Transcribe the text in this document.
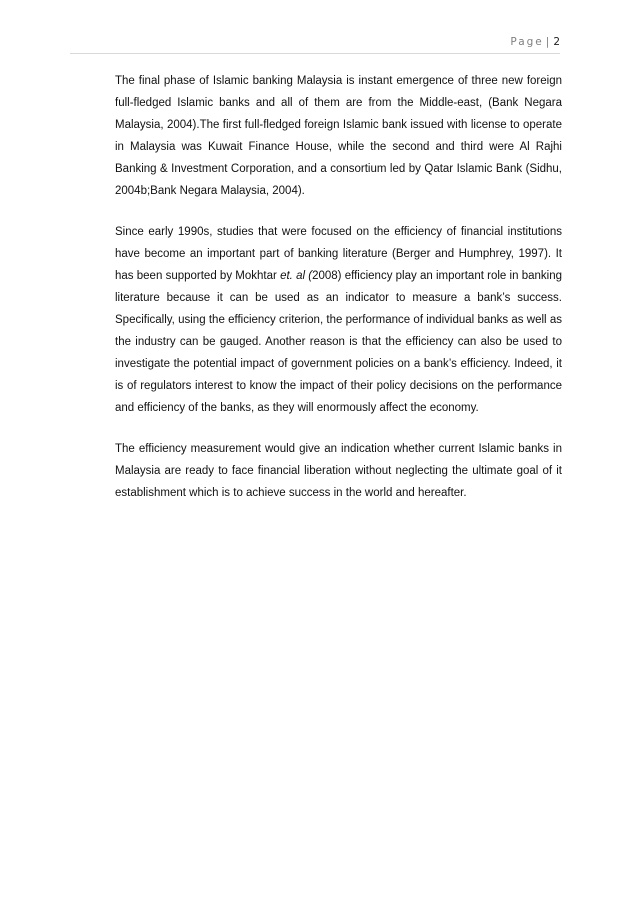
Page | 2

The final phase of Islamic banking Malaysia is instant emergence of three new foreign full-fledged Islamic banks and all of them are from the Middle-east, (Bank Negara Malaysia, 2004).The first full-fledged foreign Islamic bank issued with license to operate in Malaysia was Kuwait Finance House, while the second and third were Al Rajhi Banking & Investment Corporation, and a consortium led by Qatar Islamic Bank (Sidhu, 2004b;Bank Negara Malaysia, 2004).

Since early 1990s, studies that were focused on the efficiency of financial institutions have become an important part of banking literature (Berger and Humphrey, 1997). It has been supported by Mokhtar et. al (2008) efficiency play an important role in banking literature because it can be used as an indicator to measure a bank’s success. Specifically, using the efficiency criterion, the performance of individual banks as well as the industry can be gauged. Another reason is that the efficiency can also be used to investigate the potential impact of government policies on a bank’s efficiency. Indeed, it is of regulators interest to know the impact of their policy decisions on the performance and efficiency of the banks, as they will enormously affect the economy.

The efficiency measurement would give an indication whether current Islamic banks in Malaysia are ready to face financial liberation without neglecting the ultimate goal of it establishment which is to achieve success in the world and hereafter.
